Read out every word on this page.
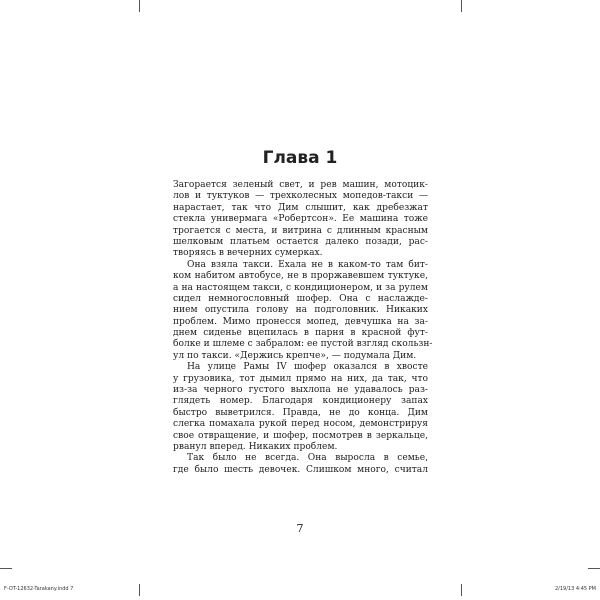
Глава 1
Загорается зеленый свет, и рев машин, мотоцик-
лов и туктуков — трехколесных мопедов-такси —
нарастает, так что Дим слышит, как дребезжат
стекла универмага «Робертсон». Ее машина тоже
трогается с места, и витрина с длинным красным
шелковым платьем остается далеко позади, рас-
творяясь в вечерних сумерках.
Она взяла такси. Ехала не в каком-то там бит-
ком набитом автобусе, не в проржавевшем туктуке,
а на настоящем такси, с кондиционером, и за рулем
сидел немногословный шофер. Она с наслажде-
нием опустила голову на подголовник. Никаких
проблем. Мимо пронесся мопед, девчушка на за-
днем сиденье вцепилась в парня в красной фут-
болке и шлеме с забралом: ее пустой взгляд скользн-
ул по такси. «Держись крепче», — подумала Дим.
На улице Рамы IV шофер оказался в хвосте
у грузовика, тот дымил прямо на них, да так, что
из-за черного густого выхлопа не удавалось раз-
глядеть номер. Благодаря кондиционеру запах
быстро выветрился. Правда, не до конца. Дим
слегка помахала рукой перед носом, демонстрируя
свое отвращение, и шофер, посмотрев в зеркальце,
рванул вперед. Никаких проблем.
Так было не всегда. Она выросла в семье,
где было шесть девочек. Слишком много, считал
7
F-OT-12632-Tarakany.indd 7	2/19/13 4:45 PM
